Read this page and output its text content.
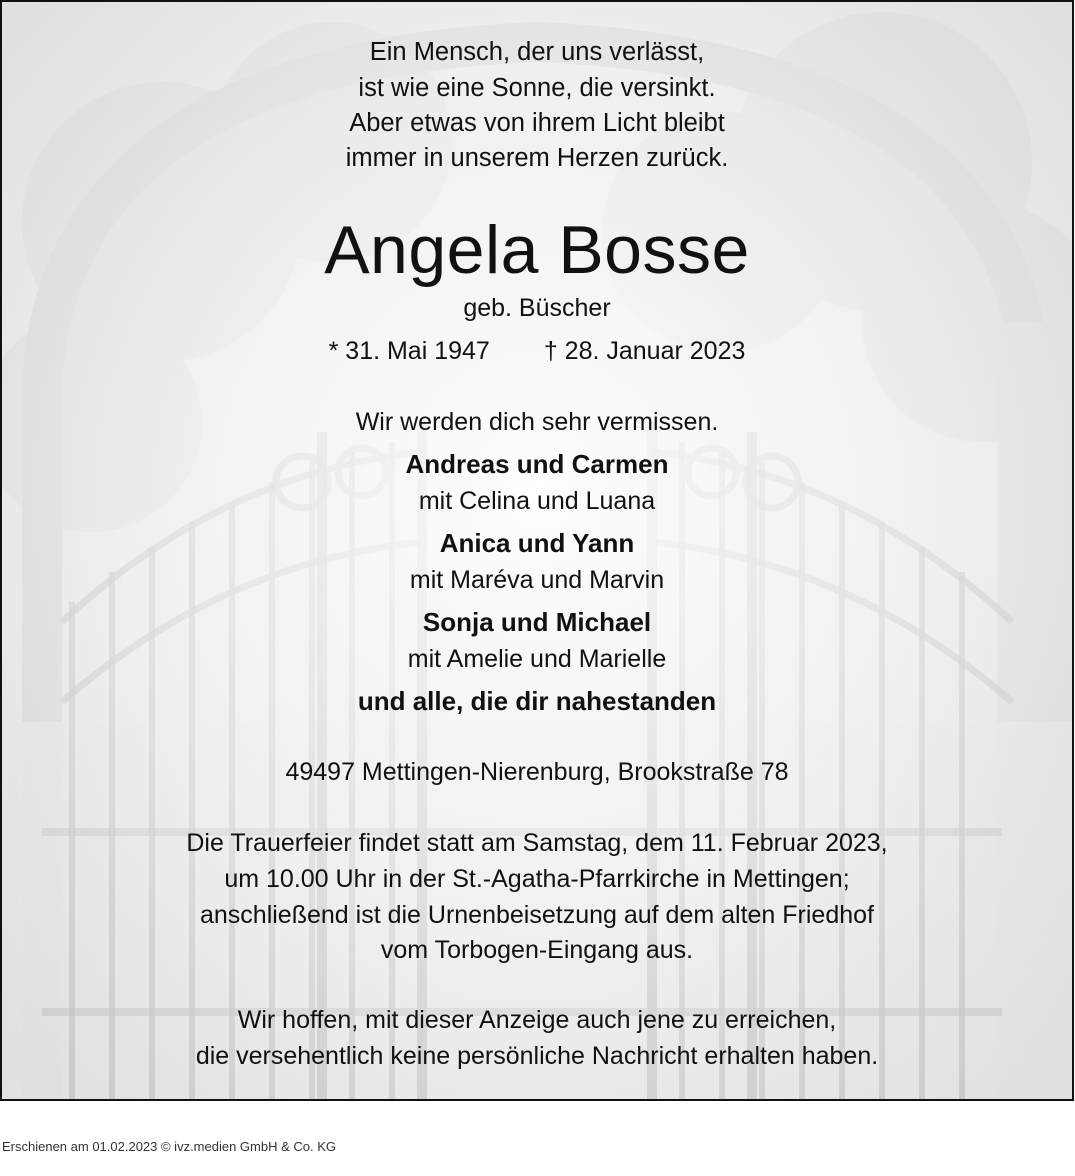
Ein Mensch, der uns verlässt,
ist wie eine Sonne, die versinkt.
Aber etwas von ihrem Licht bleibt
immer in unserem Herzen zurück.
Angela Bosse
geb. Büscher
* 31. Mai 1947 † 28. Januar 2023
Wir werden dich sehr vermissen.
Andreas und Carmen
mit Celina und Luana
Anica und Yann
mit Maréva und Marvin
Sonja und Michael
mit Amelie und Marielle
und alle, die dir nahestanden
49497 Mettingen-Nierenburg, Brookstraße 78
Die Trauerfeier findet statt am Samstag, dem 11. Februar 2023,
um 10.00 Uhr in der St.-Agatha-Pfarrkirche in Mettingen;
anschließend ist die Urnenbeisetzung auf dem alten Friedhof
vom Torbogen-Eingang aus.
Wir hoffen, mit dieser Anzeige auch jene zu erreichen,
die versehentlich keine persönliche Nachricht erhalten haben.
Erschienen am 01.02.2023 © ivz.medien GmbH & Co. KG
